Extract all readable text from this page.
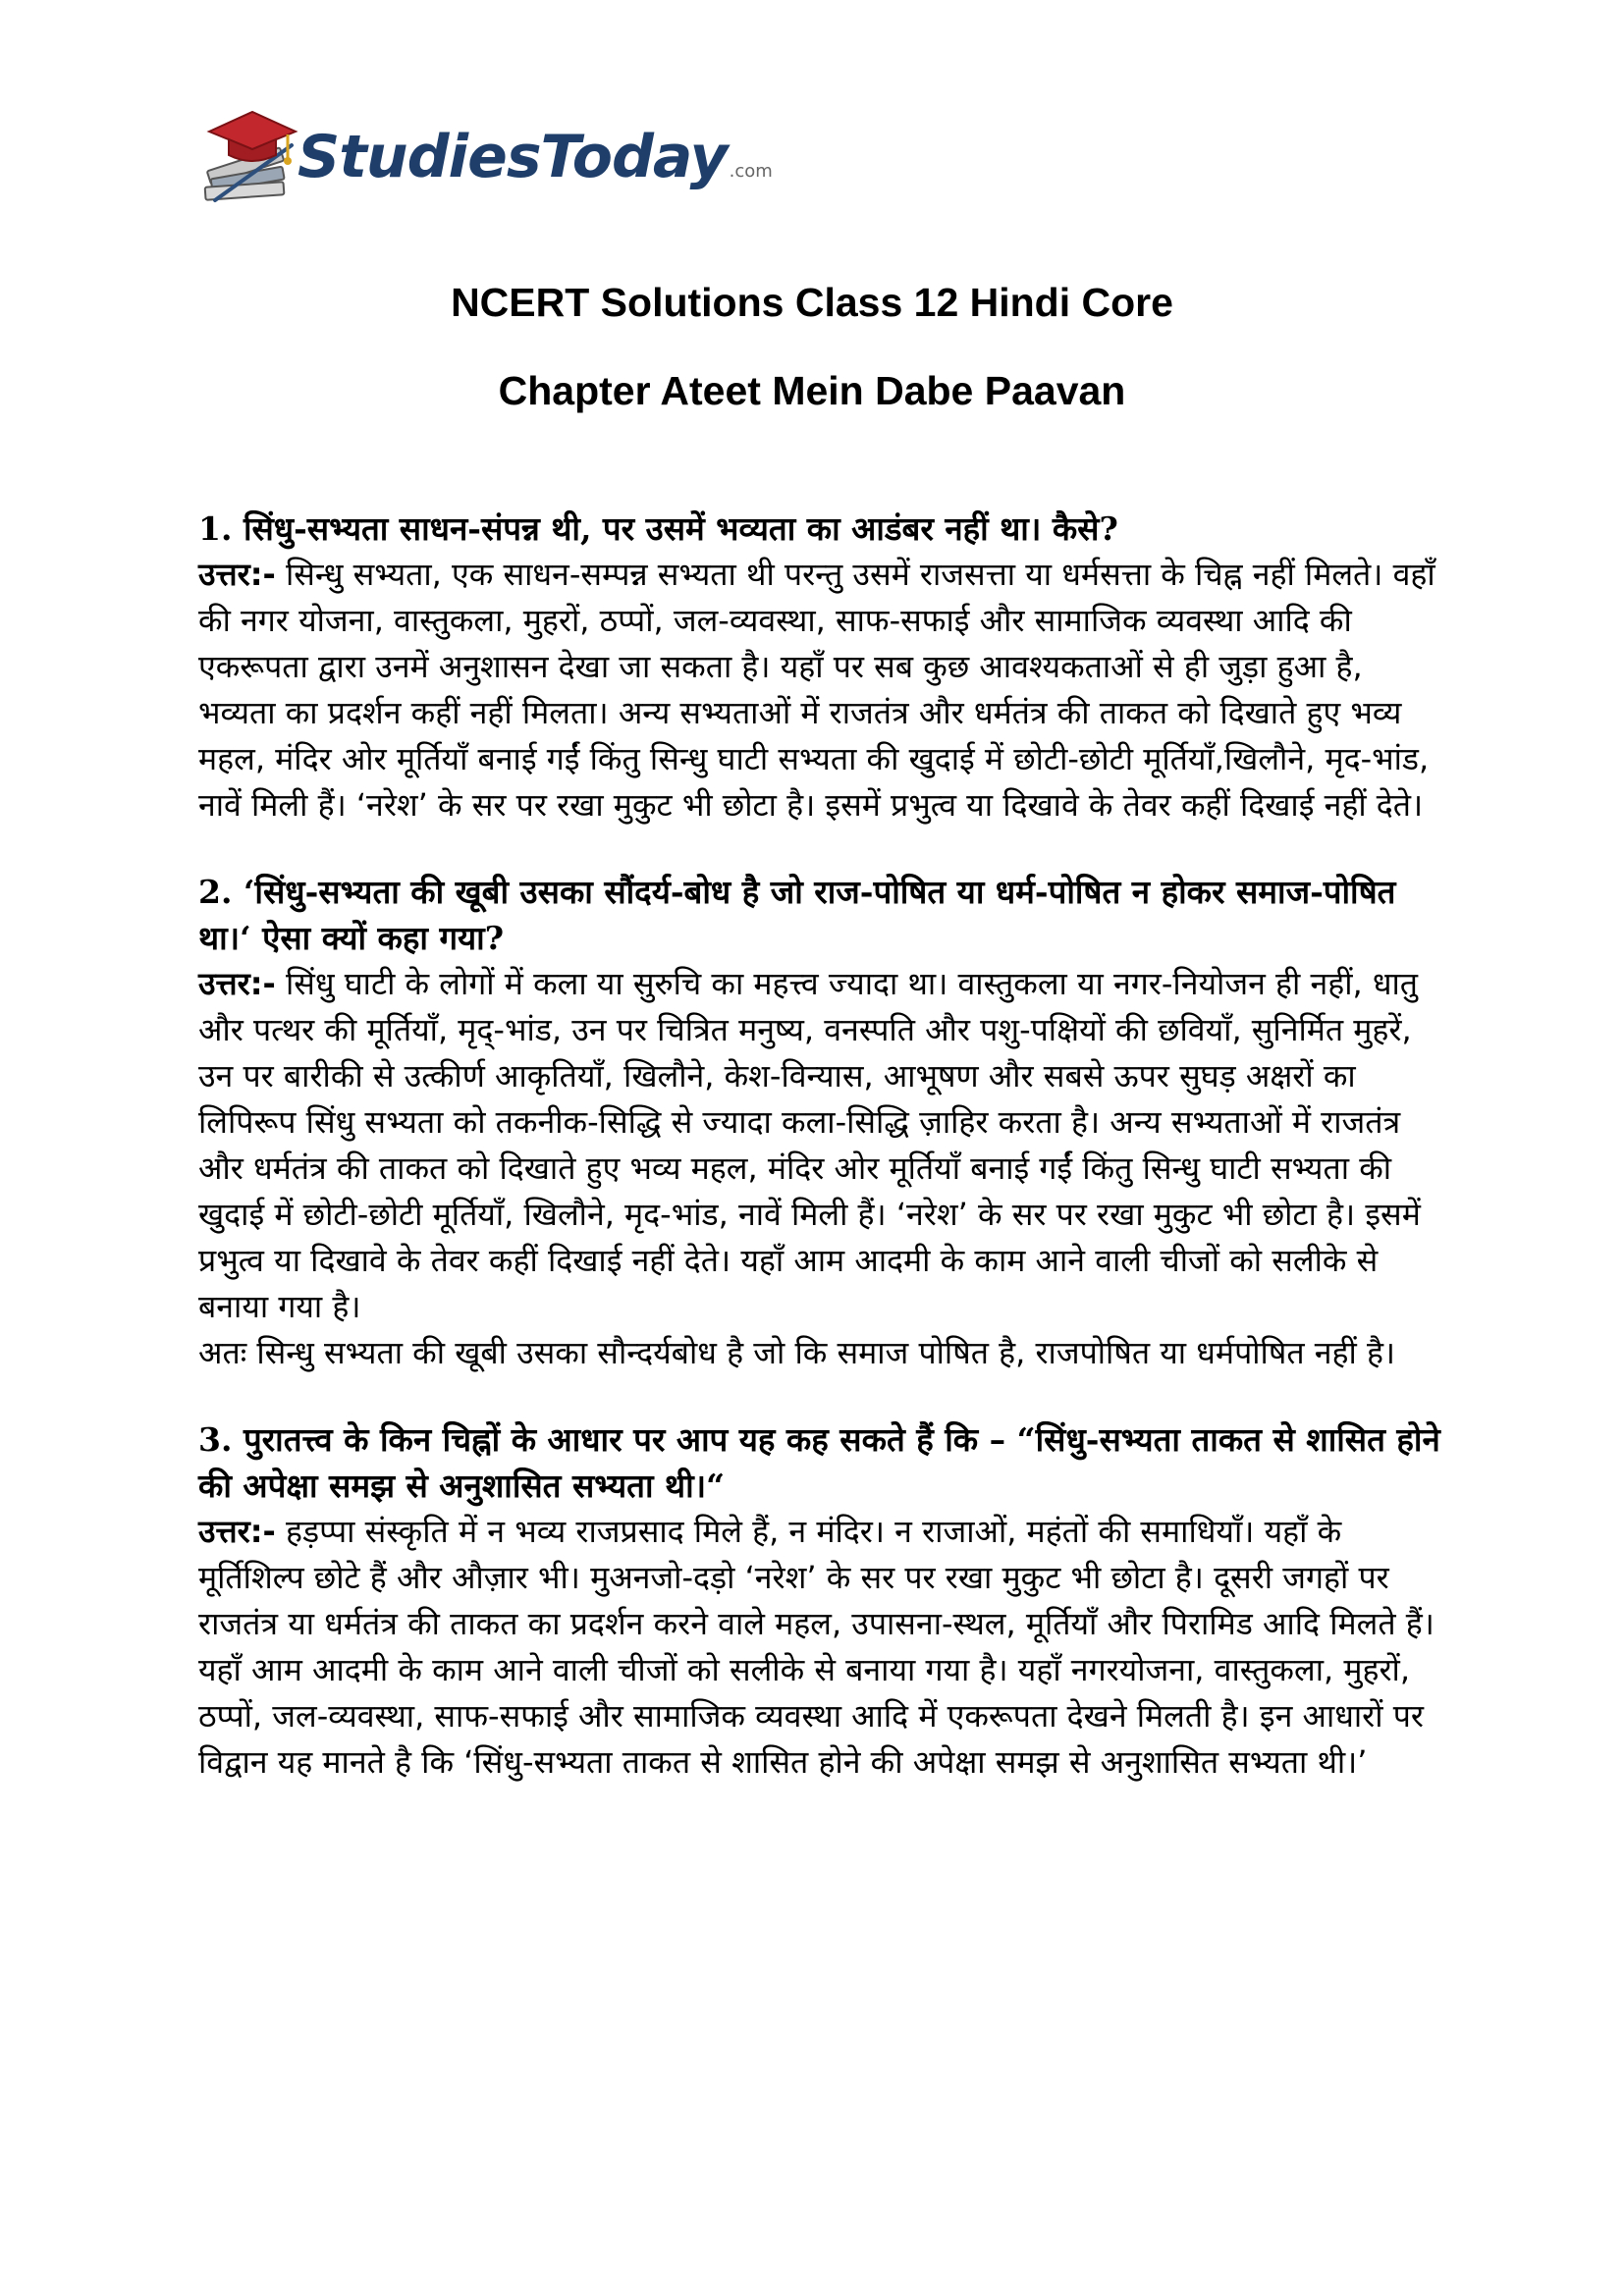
StudiesToday .com
NCERT Solutions Class 12 Hindi Core
Chapter Ateet Mein Dabe Paavan

1. सिंधु-सभ्यता साधन-संपन्न थी, पर उसमें भव्यता का आडंबर नहीं था। कैसे?

उत्तर:- सिन्धु सभ्यता, एक साधन-सम्पन्न सभ्यता थी परन्तु उसमें राजसत्ता या धर्मसत्ता के चिह्न नहीं मिलते। वहाँ की नगर योजना, वास्तुकला, मुहरों, ठप्पों, जल-व्यवस्था, साफ-सफाई और सामाजिक व्यवस्था आदि की एकरूपता द्वारा उनमें अनुशासन देखा जा सकता है। यहाँ पर सब कुछ आवश्यकताओं से ही जुड़ा हुआ है, भव्यता का प्रदर्शन कहीं नहीं मिलता। अन्य सभ्यताओं में राजतंत्र और धर्मतंत्र की ताकत को दिखाते हुए भव्य महल, मंदिर ओर मूर्तियाँ बनाई गईं किंतु सिन्धु घाटी सभ्यता की खुदाई में छोटी-छोटी मूर्तियाँ,खिलौने, मृद-भांड, नावें मिली हैं। ‘नरेश’ के सर पर रखा मुकुट भी छोटा है। इसमें प्रभुत्व या दिखावे के तेवर कहीं दिखाई नहीं देते।

2. ‘सिंधु-सभ्यता की खूबी उसका सौंदर्य-बोध है जो राज-पोषित या धर्म-पोषित न होकर समाज-पोषित था।‘ ऐसा क्यों कहा गया?

उत्तर:- सिंधु घाटी के लोगों में कला या सुरुचि का महत्त्व ज्यादा था। वास्तुकला या नगर-नियोजन ही नहीं, धातु और पत्थर की मूर्तियाँ, मृद्-भांड, उन पर चित्रित मनुष्य, वनस्पति और पशु-पक्षियों की छवियाँ, सुनिर्मित मुहरें, उन पर बारीकी से उत्कीर्ण आकृतियाँ, खिलौने, केश-विन्यास, आभूषण और सबसे ऊपर सुघड़ अक्षरों का लिपिरूप सिंधु सभ्यता को तकनीक-सिद्धि से ज्यादा कला-सिद्धि ज़ाहिर करता है। अन्य सभ्यताओं में राजतंत्र और धर्मतंत्र की ताकत को दिखाते हुए भव्य महल, मंदिर ओर मूर्तियाँ बनाई गईं किंतु सिन्धु घाटी सभ्यता की खुदाई में छोटी-छोटी मूर्तियाँ, खिलौने, मृद-भांड, नावें मिली हैं। ‘नरेश’ के सर पर रखा मुकुट भी छोटा है। इसमें प्रभुत्व या दिखावे के तेवर कहीं दिखाई नहीं देते। यहाँ आम आदमी के काम आने वाली चीजों को सलीके से बनाया गया है।

अतः सिन्धु सभ्यता की खूबी उसका सौन्दर्यबोध है जो कि समाज पोषित है, राजपोषित या धर्मपोषित नहीं है।

3. पुरातत्त्व के किन चिह्नों के आधार पर आप यह कह सकते हैं कि – “सिंधु-सभ्यता ताकत से शासित होने की अपेक्षा समझ से अनुशासित सभ्यता थी।“

उत्तर:- हड़प्पा संस्कृति में न भव्य राजप्रसाद मिले हैं, न मंदिर। न राजाओं, महंतों की समाधियाँ। यहाँ के मूर्तिशिल्प छोटे हैं और औज़ार भी। मुअनजो-दड़ो ‘नरेश’ के सर पर रखा मुकुट भी छोटा है। दूसरी जगहों पर राजतंत्र या धर्मतंत्र की ताकत का प्रदर्शन करने वाले महल, उपासना-स्थल, मूर्तियाँ और पिरामिड आदि मिलते हैं। यहाँ आम आदमी के काम आने वाली चीजों को सलीके से बनाया गया है। यहाँ नगरयोजना, वास्तुकला, मुहरों, ठप्पों, जल-व्यवस्था, साफ-सफाई और सामाजिक व्यवस्था आदि में एकरूपता देखने मिलती है। इन आधारों पर विद्वान यह मानते है कि ‘सिंधु-सभ्यता ताकत से शासित होने की अपेक्षा समझ से अनुशासित सभ्यता थी।’
